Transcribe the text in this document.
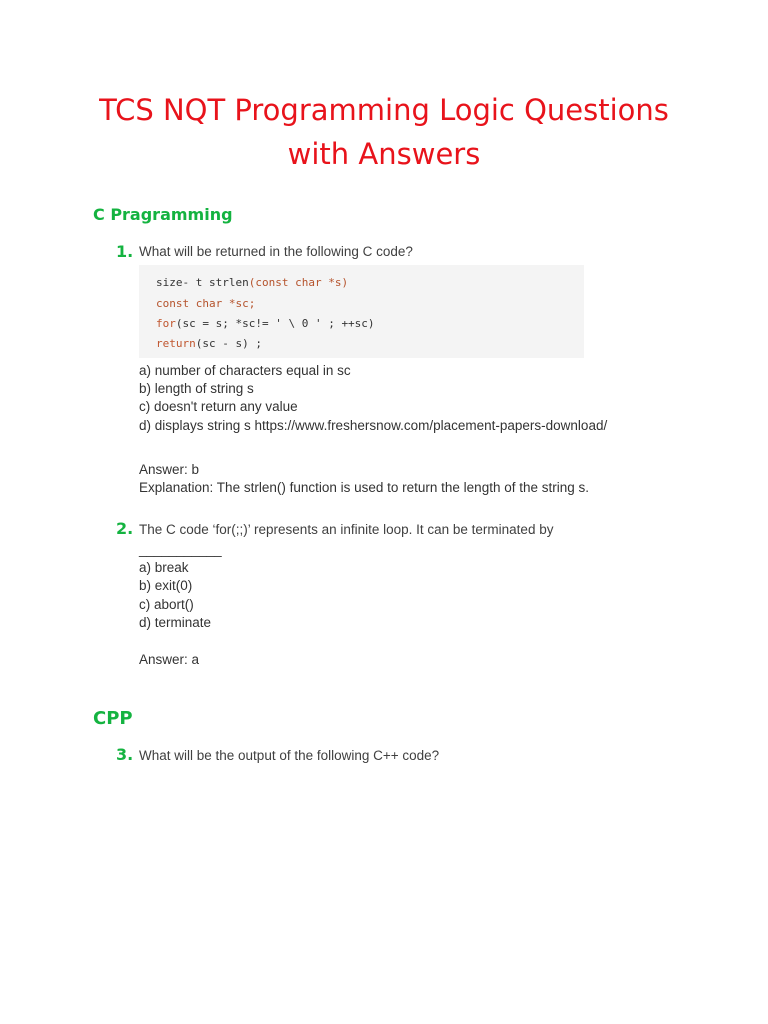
TCS NQT Programming Logic Questions
with Answers
C Pragramming
1. What will be returned in the following C code?
size- t strlen(const char *s)
const char *sc;
for(sc = s; *sc!= ' \ 0 ' ; ++sc)
return(sc - s) ;
a) number of characters equal in sc
b) length of string s
c) doesn't return any value
d) displays string s https://www.freshersnow.com/placement-papers-download/
Answer: b
Explanation: The strlen() function is used to return the length of the string s.
2. The C code ‘for(;;)’ represents an infinite loop. It can be terminated by
___________
a) break
b) exit(0)
c) abort()
d) terminate
Answer: a
CPP
3. What will be the output of the following C++ code?
